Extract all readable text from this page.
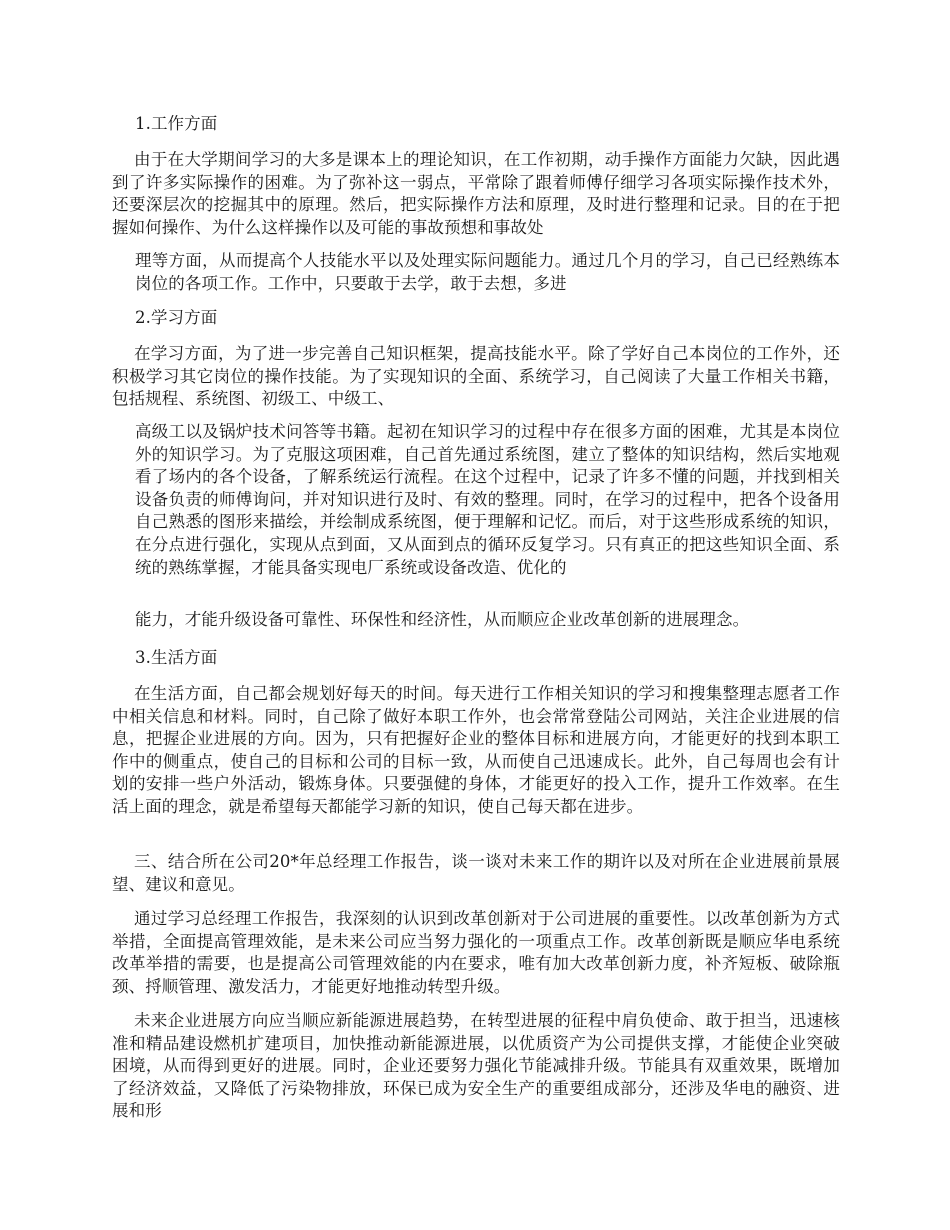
1.工作方面

由于在大学期间学习的大多是课本上的理论知识，在工作初期，动手操作方面能力欠缺，因此遇到了许多实际操作的困难。为了弥补这一弱点，平常除了跟着师傅仔细学习各项实际操作技术外，还要深层次的挖掘其中的原理。然后，把实际操作方法和原理，及时进行整理和记录。目的在于把握如何操作、为什么这样操作以及可能的事故预想和事故处

理等方面，从而提高个人技能水平以及处理实际问题能力。通过几个月的学习，自己已经熟练本岗位的各项工作。工作中，只要敢于去学，敢于去想，多进

2.学习方面

在学习方面，为了进一步完善自己知识框架，提高技能水平。除了学好自己本岗位的工作外，还积极学习其它岗位的操作技能。为了实现知识的全面、系统学习，自己阅读了大量工作相关书籍，包括规程、系统图、初级工、中级工、

高级工以及锅炉技术问答等书籍。起初在知识学习的过程中存在很多方面的困难，尤其是本岗位外的知识学习。为了克服这项困难，自己首先通过系统图，建立了整体的知识结构，然后实地观看了场内的各个设备，了解系统运行流程。在这个过程中，记录了许多不懂的问题，并找到相关设备负责的师傅询问，并对知识进行及时、有效的整理。同时，在学习的过程中，把各个设备用自己熟悉的图形来描绘，并绘制成系统图，便于理解和记忆。而后，对于这些形成系统的知识，在分点进行强化，实现从点到面，又从面到点的循环反复学习。只有真正的把这些知识全面、系统的熟练掌握，才能具备实现电厂系统或设备改造、优化的

能力，才能升级设备可靠性、环保性和经济性，从而顺应企业改革创新的进展理念。

3.生活方面

在生活方面，自己都会规划好每天的时间。每天进行工作相关知识的学习和搜集整理志愿者工作中相关信息和材料。同时，自己除了做好本职工作外，也会常常登陆公司网站，关注企业进展的信息，把握企业进展的方向。因为，只有把握好企业的整体目标和进展方向，才能更好的找到本职工作中的侧重点，使自己的目标和公司的目标一致，从而使自己迅速成长。此外，自己每周也会有计划的安排一些户外活动，锻炼身体。只要强健的身体，才能更好的投入工作，提升工作效率。在生活上面的理念，就是希望每天都能学习新的知识，使自己每天都在进步。

三、结合所在公司20*年总经理工作报告，谈一谈对未来工作的期许以及对所在企业进展前景展望、建议和意见。

通过学习总经理工作报告，我深刻的认识到改革创新对于公司进展的重要性。以改革创新为方式举措，全面提高管理效能，是未来公司应当努力强化的一项重点工作。改革创新既是顺应华电系统改革举措的需要，也是提高公司管理效能的内在要求，唯有加大改革创新力度，补齐短板、破除瓶颈、捋顺管理、激发活力，才能更好地推动转型升级。

未来企业进展方向应当顺应新能源进展趋势，在转型进展的征程中肩负使命、敢于担当，迅速核准和精品建设燃机扩建项目，加快推动新能源进展，以优质资产为公司提供支撑，才能使企业突破困境，从而得到更好的进展。同时，企业还要努力强化节能减排升级。节能具有双重效果，既增加了经济效益，又降低了污染物排放，环保已成为安全生产的重要组成部分，还涉及华电的融资、进展和形
